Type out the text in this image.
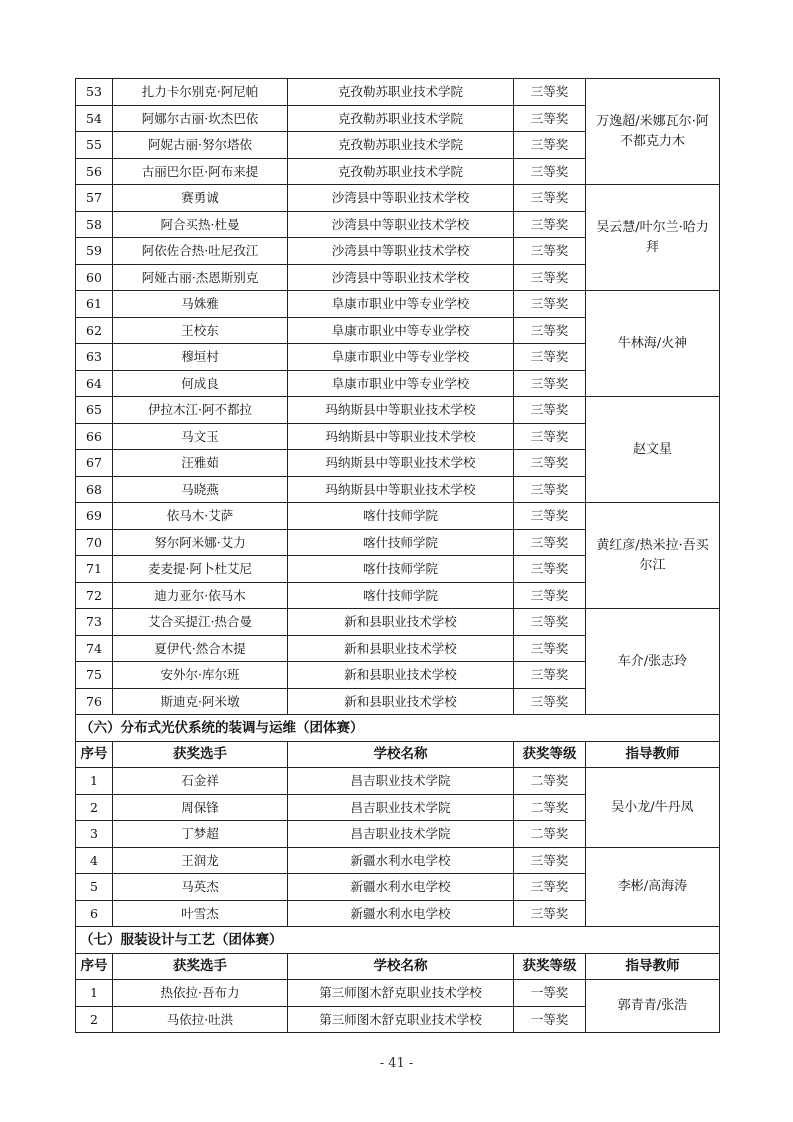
53	扎力卡尔别克·阿尼帕	克孜勒苏职业技术学院	三等奖	万逸超/米娜瓦尔·阿不都克力木
54	阿娜尔古丽·坎杰巴依	克孜勒苏职业技术学院	三等奖	
55	阿妮古丽·努尔塔依	克孜勒苏职业技术学院	三等奖	
56	古丽巴尔臣·阿布来提	克孜勒苏职业技术学院	三等奖	
57	赛勇诚	沙湾县中等职业技术学校	三等奖	吴云慧/叶尔兰·哈力拜
58	阿合买热·杜曼	沙湾县中等职业技术学校	三等奖	
59	阿依佐合热·吐尼孜江	沙湾县中等职业技术学校	三等奖	
60	阿娅古丽·杰恩斯别克	沙湾县中等职业技术学校	三等奖	
61	马姝雅	阜康市职业中等专业学校	三等奖	牛林海/火神
62	王校东	阜康市职业中等专业学校	三等奖	
63	穆垣村	阜康市职业中等专业学校	三等奖	
64	何成良	阜康市职业中等专业学校	三等奖	
65	伊拉木江·阿不都拉	玛纳斯县中等职业技术学校	三等奖	赵文星
66	马文玉	玛纳斯县中等职业技术学校	三等奖	
67	汪雅茹	玛纳斯县中等职业技术学校	三等奖	
68	马晓燕	玛纳斯县中等职业技术学校	三等奖	
69	依马木·艾萨	喀什技师学院	三等奖	黄红彦/热米拉·吾买尔江
70	努尔阿米娜·艾力	喀什技师学院	三等奖	
71	麦麦提·阿卜杜艾尼	喀什技师学院	三等奖	
72	迪力亚尔·依马木	喀什技师学院	三等奖	
73	艾合买提江·热合曼	新和县职业技术学校	三等奖	车介/张志玲
74	夏伊代·然合木提	新和县职业技术学校	三等奖	
75	安外尔·库尔班	新和县职业技术学校	三等奖	
76	斯迪克·阿米墩	新和县职业技术学校	三等奖	
（六）分布式光伏系统的装调与运维（团体赛）				
序号	获奖选手	学校名称	获奖等级	指导教师
1	石金祥	昌吉职业技术学院	二等奖	吴小龙/牛丹凤
2	周保锋	昌吉职业技术学院	二等奖	
3	丁梦超	昌吉职业技术学院	二等奖	
4	王润龙	新疆水利水电学校	三等奖	李彬/高海涛
5	马英杰	新疆水利水电学校	三等奖	
6	叶雪杰	新疆水利水电学校	三等奖	
（七）服装设计与工艺（团体赛）				
序号	获奖选手	学校名称	获奖等级	指导教师
1	热依拉·吾布力	第三师图木舒克职业技术学校	一等奖	郭青青/张浩
2	马依拉·吐洪	第三师图木舒克职业技术学校	一等奖	
- 41 -
